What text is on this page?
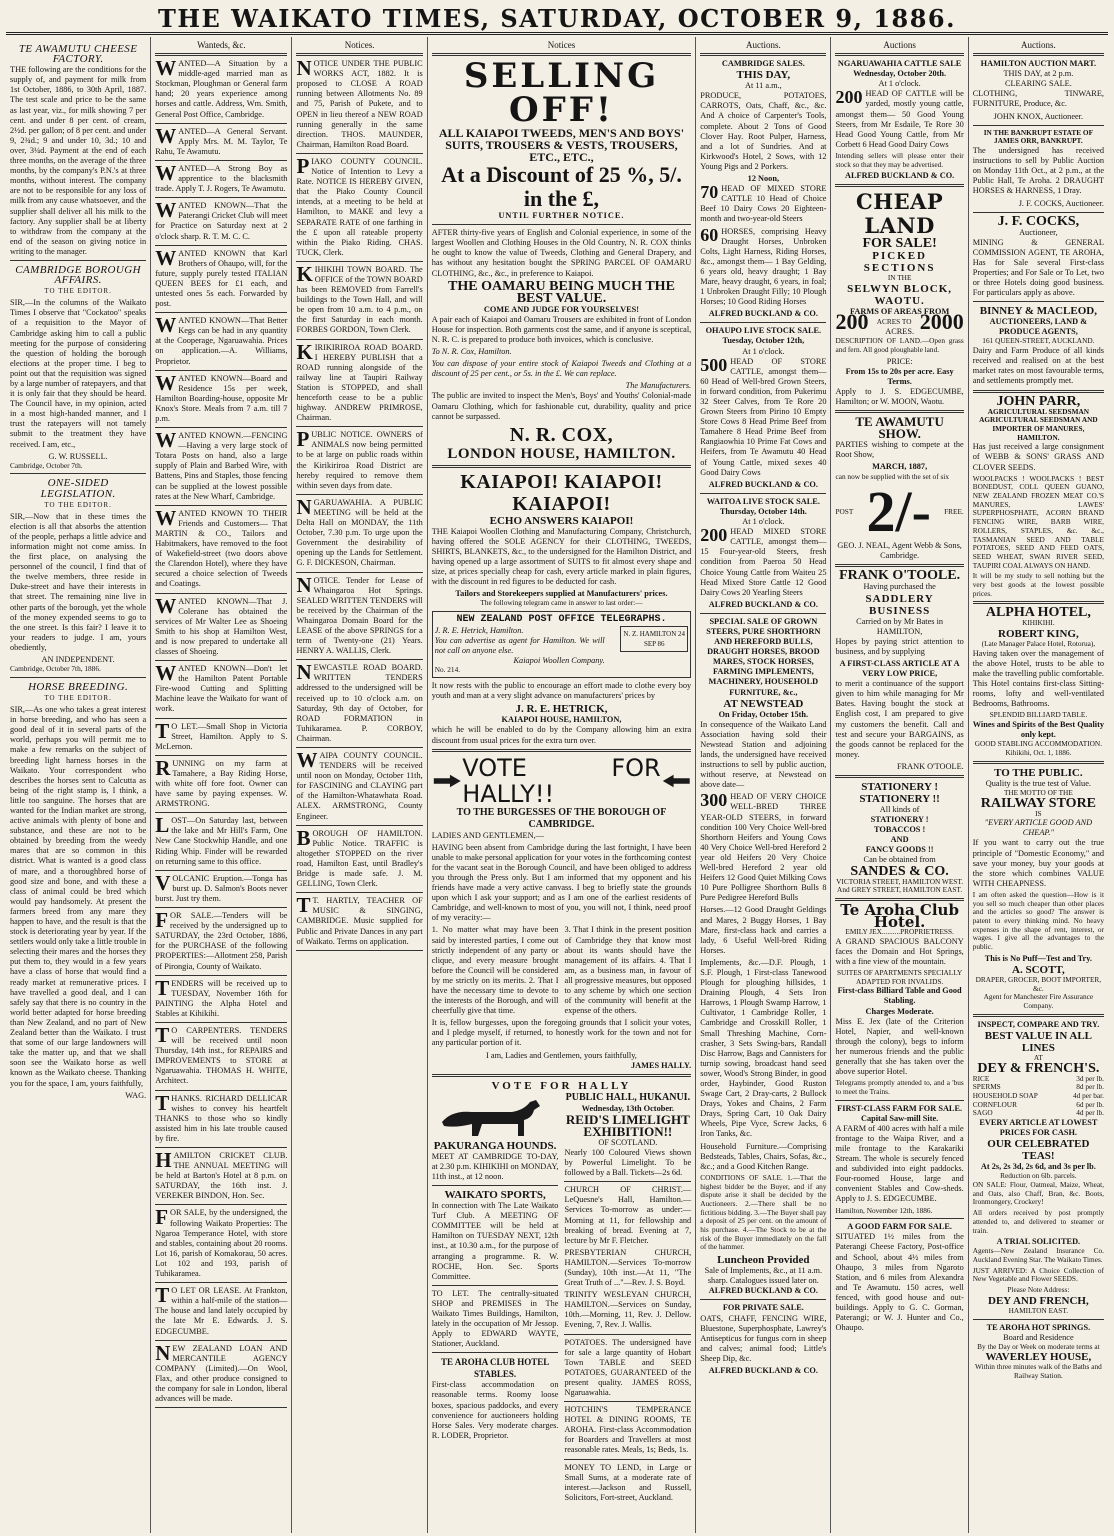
THE WAIKATO TIMES, SATURDAY, OCTOBER 9, 1886.
TE AWAMUTU CHEESE FACTORY.
THE following are the conditions for the supply of, and payment for milk from 1st October, 1886, to 30th April, 1887. The test scale and price to be the same as last year, viz., for milk showing 7 per cent. and under 8 per cent. of cream, 2½d. per gallon; of 8 per cent. and under 9, 2¾d.; 9 and under 10, 3d.; 10 and over, 3¼d. Payment at the end of each three months, on the average of the three months, by the company's P.N.'s at three months, without interest. The company are not to be responsible for any loss of milk from any cause whatsoever, and the supplier shall deliver all his milk to the factory. Any supplier shall be at liberty to withdraw from the company at the end of the season on giving notice in writing to the manager.
CAMBRIDGE BOROUGH AFFAIRS.
TO THE EDITOR.
SIR,—In the columns of the Waikato Times I observe that "Cockatoo" speaks of a requisition to the Mayor of Cambridge asking him to call a public meeting for the purpose of considering the question of holding the borough elections at the proper time. I beg to point out that the requisition was signed by a large number of ratepayers, and that it is only fair that they should be heard. The Council have, in my opinion, acted in a most high-handed manner, and I trust the ratepayers will not tamely submit to the treatment they have received. I am, etc.,
G. W. RUSSELL.
Cambridge, October 7th.
ONE-SIDED LEGISLATION.
TO THE EDITOR.
SIR,—Now that in these times the election is all that absorbs the attention of the people, perhaps a little advice and information might not come amiss. In the first place, on analysing the personnel of the council, I find that of the twelve members, three reside in Duke-street and have their interests in that street. The remaining nine live in other parts of the borough, yet the whole of the money expended seems to go to the one street. Is this fair? I leave it to your readers to judge. I am, yours obediently,
AN INDEPENDENT.
Cambridge, October 7th, 1886.
HORSE BREEDING.
TO THE EDITOR.
SIR,—As one who takes a great interest in horse breeding, and who has seen a good deal of it in several parts of the world, perhaps you will permit me to make a few remarks on the subject of breeding light harness horses in the Waikato. Your correspondent who describes the horses sent to Calcutta as being of the right stamp is, I think, a little too sanguine. The horses that are wanted for the Indian market are strong, active animals with plenty of bone and substance, and these are not to be obtained by breeding from the weedy mares that are so common in this district. What is wanted is a good class of mare, and a thoroughbred horse of good size and bone, and with these a class of animal could be bred which would pay handsomely. At present the farmers breed from any mare they happen to have, and the result is that the stock is deteriorating year by year. If the settlers would only take a little trouble in selecting their mares and the horses they put them to, they would in a few years have a class of horse that would find a ready market at remunerative prices. I have travelled a good deal, and I can safely say that there is no country in the world better adapted for horse breeding than New Zealand, and no part of New Zealand better than the Waikato. I trust that some of our large landowners will take the matter up, and that we shall soon see the Waikato horse as well known as the Waikato cheese. Thanking you for the space, I am, yours faithfully,
WAG.
Wanteds, &c.
WANTED—A Situation by a middle-aged married man as Stockman, Ploughman or General farm hand; 20 years experience among horses and cattle. Address, Wm. Smith, General Post Office, Cambridge.
WANTED—A General Servant. Apply Mrs. M. M. Taylor, Te Rahu, Te Awamutu.
WANTED—A Strong Boy as apprentice to the blacksmith trade. Apply T. J. Rogers, Te Awamutu.
WANTED KNOWN—That the Paterangi Cricket Club will meet for Practice on Saturday next at 2 o'clock sharp. R. T. M. C. C.
WANTED KNOWN that Karl Brothers of Ohaupo, will, for the future, supply purely tested ITALIAN QUEEN BEES for £1 each, and untested ones 5s each. Forwarded by post.
WANTED KNOWN—That Better Kegs can be had in any quantity at the Cooperage, Ngaruawahia. Prices on application.—A. Williams, Proprietor.
WANTED KNOWN—Board and Residence 15s per week, Hamilton Boarding-house, opposite Mr Knox's Store. Meals from 7 a.m. till 7 p.m.
WANTED KNOWN.—FENCING—Having a very large stock of Totara Posts on hand, also a large supply of Plain and Barbed Wire, with Battens, Pins and Staples, those fencing can be supplied at the lowest possible rates at the New Wharf, Cambridge.
WANTED KNOWN TO THEIR Friends and Customers— That MARTIN & CO., Tailors and Habitmakers, have removed to the foot of Wakefield-street (two doors above the Clarendon Hotel), where they have secured a choice selection of Tweeds and Coatings.
WANTED KNOWN—That J. Colerane has obtained the services of Mr Walter Lee as Shoeing Smith to his shop at Hamilton West, and is now prepared to undertake all classes of Shoeing.
WANTED KNOWN—Don't let the Hamilton Patent Portable Fire-wood Cutting and Splitting Machine leave the Waikato for want of work.
T O LET.—Small Shop in Victoria Street, Hamilton. Apply to S. McLernon.
RUNNING on my farm at Tamahere, a Bay Riding Horse, with white off fore foot. Owner can have same by paying expenses. W. ARMSTRONG.
LOST—On Saturday last, between the lake and Mr Hill's Farm, One New Cane Stockwhip Handle, and one Riding Whip. Finder will be rewarded on returning same to this office.
VOLCANIC Eruption.—Tonga has burst up. D. Salmon's Boots never burst. Just try them.
FOR SALE.—Tenders will be received by the undersigned up to SATURDAY, the 23rd October, 1886, for the PURCHASE of the following PROPERTIES:—Allotment 258, Parish of Pirongia, County of Waikato.
TENDERS will be received up to TUESDAY, November 16th for PAINTING the Alpha Hotel and Stables at Kihikihi.
T O CARPENTERS. TENDERS will be received until noon Thursday, 14th inst., for REPAIRS and IMPROVEMENTS to STORE at Ngaruawahia. THOMAS H. WHITE, Architect.
THANKS. RICHARD DELLICAR wishes to convey his heartfelt THANKS to those who so kindly assisted him in his late trouble caused by fire.
HAMILTON CRICKET CLUB. THE ANNUAL MEETING will be held at Barton's Hotel at 8 p.m. on SATURDAY, the 16th inst. J. VEREKER BINDON, Hon. Sec.
FOR SALE, by the undersigned, the following Waikato Properties: The Ngaroa Temperance Hotel, with store and stables, containing about 20 rooms. Lot 16, parish of Komakorau, 50 acres. Lot 102 and 193, parish of Tuhikaramea.
T O LET OR LEASE. At Frankton, within a half-mile of the station—The house and land lately occupied by the late Mr E. Edwards. J. S. EDGECUMBE.
NEW ZEALAND LOAN AND MERCANTILE AGENCY COMPANY (Limited).—On Wool, Flax, and other produce consigned to the company for sale in London, liberal advances will be made.
Notices.
NOTICE UNDER THE PUBLIC WORKS ACT, 1882. It is proposed to CLOSE A ROAD running between Allotments No. 89 and 75, Parish of Pukete, and to OPEN in lieu thereof a NEW ROAD running generally in the same direction. THOS. MAUNDER, Chairman, Hamilton Road Board.
PIAKO COUNTY COUNCIL. Notice of Intention to Levy a Rate. NOTICE IS HEREBY GIVEN, that the Piako County Council intends, at a meeting to be held at Hamilton, to MAKE and levy a SEPARATE RATE of one farthing in the £ upon all rateable property within the Piako Riding. CHAS. TUCK, Clerk.
KIHIKIHI TOWN BOARD. The OFFICE of the TOWN BOARD has been REMOVED from Farrell's buildings to the Town Hall, and will be open from 10 a.m. to 4 p.m., on the first Saturday in each month. FORBES GORDON, Town Clerk.
KIRIKIRIROA ROAD BOARD. I HEREBY PUBLISH that a ROAD running alongside of the railway line at Taupiri Railway Station is STOPPED, and shall henceforth cease to be a public highway. ANDREW PRIMROSE, Chairman.
PUBLIC NOTICE. OWNERS of ANIMALS now being permitted to be at large on public roads within the Kirikiriroa Road District are hereby required to remove them within seven days from date.
NGARUAWAHIA. A PUBLIC MEETING will be held at the Delta Hall on MONDAY, the 11th October, 7.30 p.m. To urge upon the Government the desirability of opening up the Lands for Settlement. G. F. DICKESON, Chairman.
NOTICE. Tender for Lease of Whaingaroa Hot Springs. SEALED WRITTEN TENDERS will be received by the Chairman of the Whaingaroa Domain Board for the LEASE of the above SPRINGS for a term of Twenty-one (21) Years. HENRY A. WALLIS, Clerk.
NEWCASTLE ROAD BOARD. WRITTEN TENDERS addressed to the undersigned will be received up to 10 o'clock a.m. on Saturday, 9th day of October, for ROAD FORMATION in Tuhikaramea. P. CORBOY, Chairman.
WAIPA COUNTY COUNCIL. TENDERS will be received until noon on Monday, October 11th, for FASCINING and CLAYING part of the Hamilton-Whatawhata Road. ALEX. ARMSTRONG, County Engineer.
BOROUGH OF HAMILTON. Public Notice. TRAFFIC is altogether STOPPED on the river road, Hamilton East, until Bradley's Bridge is made safe. J. M. GELLING, Town Clerk.
T T. HARTLY, TEACHER OF MUSIC & SINGING, CAMBRIDGE. Music supplied for Public and Private Dances in any part of Waikato. Terms on application.
Notices
SELLING OFF!
ALL KAIAPOI TWEEDS, MEN'S AND BOYS' SUITS, TROUSERS & VESTS, TROUSERS, ETC., ETC.,
At a Discount of 25 %, 5/. in the £,
UNTIL FURTHER NOTICE.
AFTER thirty-five years of English and Colonial experience, in some of the largest Woollen and Clothing Houses in the Old Country, N. R. COX thinks he ought to know the value of Tweeds, Clothing and General Drapery, and has without any hesitation bought the SPRING PARCEL OF OAMARU CLOTHING, &c., &c., in preference to Kaiapoi.
THE OAMARU BEING MUCH THE BEST VALUE.
COME AND JUDGE FOR YOURSELVES!
A pair each of Kaiapoi and Oamaru Trousers are exhibited in front of London House for inspection. Both garments cost the same, and if anyone is sceptical, N. R. C. is prepared to produce both invoices, which is conclusive.
To N. R. Cox, Hamilton.
You can dispose of your entire stock of Kaiapoi Tweeds and Clothing at a discount of 25 per cent., or 5s. in the £. We can replace.
The Manufacturers.
The public are invited to inspect the Men's, Boys' and Youths' Colonial-made Oamaru Clothing, which for fashionable cut, durability, quality and price cannot be surpassed.
N. R. COX,
LONDON HOUSE, HAMILTON.
KAIAPOI! KAIAPOI! KAIAPOI!
ECHO ANSWERS KAIAPOI!
THE Kaiapoi Woollen Clothing and Manufacturing Company, Christchurch, having offered the SOLE AGENCY for their CLOTHING, TWEEDS, SHIRTS, BLANKETS, &c., to the undersigned for the Hamilton District, and having opened up a large assortment of SUITS to fit almost every shape and size, at prices specially cheap for cash, every article marked in plain figures, with the discount in red figures to be deducted for cash.
Tailors and Storekeepers supplied at Manufacturers' prices.
The following telegram came in answer to last order:—
NEW ZEALAND POST OFFICE TELEGRAPHS.
J. R. E. Hetrick, Hamilton.
You can advertise as agent for Hamilton. We will not call on anyone else.
Kaiapoi Woollen Company.
N. Z. HAMILTON 24 SEP 86
No. 214.
It now rests with the public to encourage an effort made to clothe every boy youth and man at a very slight advance on manufacturers' prices by
J. R. E. HETRICK,
KAIAPOI HOUSE, HAMILTON,
which he will be enabled to do by the Company allowing him an extra discount from usual prices for the extra turn over.
VOTE FOR HALLY!!
TO THE BURGESSES OF THE BOROUGH OF CAMBRIDGE.
LADIES AND GENTLEMEN,—
HAVING been absent from Cambridge during the last fortnight, I have been unable to make personal application for your votes in the forthcoming contest for the vacant seat in the Borough Council, and have been obliged to address you through the Press only. But I am informed that my opponent and his friends have made a very active canvass. I beg to briefly state the grounds upon which I ask your support; and as I am one of the earliest residents of Cambridge, and well-known to most of you, you will not, I think, need proof of my veracity:—
1. No matter what may have been said by interested parties, I come out strictly independent of any party or clique, and every measure brought before the Council will be considered by me strictly on its merits. 2. That I have the necessary time to devote to the interests of the Borough, and will cheerfully give that time.
3. That I think in the present position of Cambridge they that know most about its wants should have the management of its affairs. 4. That I am, as a business man, in favour of all progressive measures, but opposed to any scheme by which one section of the community will benefit at the expense of the others.
It is, fellow burgesses, upon the foregoing grounds that I solicit your votes, and I pledge myself, if returned, to honestly work for the town and not for any particular portion of it.
I am, Ladies and Gentlemen, yours faithfully,
JAMES HALLY.
VOTE FOR HALLY
PAKURANGA HOUNDS.
MEET AT CAMBRIDGE TO-DAY, at 2.30 p.m. KIHIKIHI on MONDAY, 11th inst., at 12 noon.
WAIKATO SPORTS,
In connection with The Late Waikato Turf Club. A MEETING OF COMMITTEE will be held at Hamilton on TUESDAY NEXT, 12th inst., at 10.30 a.m., for the purpose of arranging a programme. R. W. ROCHE, Hon. Sec. Sports Committee.
TO LET. The centrally-situated SHOP and PREMISES in The Waikato Times Buildings, Hamilton, lately in the occupation of Mr Jessop. Apply to EDWARD WAYTE, Stationer, Auckland.
TE AROHA CLUB HOTEL STABLES.
First-class accommodation on reasonable terms. Roomy loose boxes, spacious paddocks, and every convenience for auctioneers holding Horse Sales. Very moderate charges. R. LODER, Proprietor.
PUBLIC HALL, HUKANUI.
Wednesday, 13th October.
REID'S LIMELIGHT EXHIBITION!!
OF SCOTLAND.
Nearly 100 Coloured Views shown by Powerful Limelight. To be followed by a Ball. Tickets—2s 6d.
CHURCH OF CHRIST.—LeQuesne's Hall, Hamilton.—Services To-morrow as under:—Morning at 11, for fellowship and breaking of bread. Evening at 7, lecture by Mr F. Fletcher.
PRESBYTERIAN CHURCH, HAMILTON.—Services To-morrow (Sunday), 10th inst.—At 11, "The Great Truth of ..."—Rev. J. S. Boyd.
TRINITY WESLEYAN CHURCH, HAMILTON.—Services on Sunday, 10th.—Morning, 11, Rev. J. Dellow. Evening, 7, Rev. J. Wallis.
POTATOES. The undersigned have for sale a large quantity of Hobart Town TABLE and SEED POTATOES, GUARANTEED of the present quality. JAMES ROSS, Ngaruawahia.
HOTCHIN'S TEMPERANCE HOTEL & DINING ROOMS, TE AROHA. First-class Accommodation for Boarders and Travellers at most reasonable rates. Meals, 1s; Beds, 1s.
MONEY TO LEND, in Large or Small Sums, at a moderate rate of interest.—Jackson and Russell, Solicitors, Fort-street, Auckland.
Auctions.
CAMBRIDGE SALES.
THIS DAY,
At 11 a.m.,
PRODUCE, POTATOES, CARROTS, Oats, Chaff, &c., &c. And A choice of Carpenter's Tools, complete. About 2 Tons of Good Clover Hay. Root Pulper, Harness, and a lot of Sundries. And at Kirkwood's Hotel, 2 Sows, with 12 Young Pigs and 2 Porkers.
12 Noon,
70 HEAD OF MIXED STORE CATTLE 10 Head of Choice Beef 10 Dairy Cows 20 Eighteen-month and two-year-old Steers
60 HORSES, comprising Heavy Draught Horses, Unbroken Colts, Light Harness, Riding Horses, &c., amongst them— 1 Bay Gelding, 6 years old, heavy draught; 1 Bay Mare, heavy draught, 6 years, in foal; 1 Unbroken Draught Filly; 10 Plough Horses; 10 Good Riding Horses
ALFRED BUCKLAND & CO.
OHAUPO LIVE STOCK SALE.
Tuesday, October 12th,
At 1 o'clock.
500 HEAD OF STORE CATTLE, amongst them— 60 Head of Well-bred Grown Steers, in forward condition, from Pukerimu 32 Steer Calves, from Te Rore 20 Grown Steers from Pirino 10 Empty Store Cows 8 Head Prime Beef from Tamahere 8 Head Prime Beef from Rangiaowhia 10 Prime Fat Cows and Heifers, from Te Awamutu 40 Head of Young Cattle, mixed sexes 40 Good Dairy Cows
ALFRED BUCKLAND & CO.
WAITOA LIVE STOCK SALE.
Thursday, October 14th.
At 1 o'clock.
200 HEAD MIXED STORE CATTLE, amongst them— 15 Four-year-old Steers, fresh condition from Paeroa 50 Head Choice Young Cattle from Waiteu 25 Head Mixed Store Cattle 12 Good Dairy Cows 20 Yearling Steers
ALFRED BUCKLAND & CO.
SPECIAL SALE OF GROWN STEERS, PURE SHORTHORN AND HEREFORD BULLS, DRAUGHT HORSES, BROOD MARES, STOCK HORSES, FARMING IMPLEMENTS, MACHINERY, HOUSEHOLD FURNITURE, &c.,
AT NEWSTEAD
On Friday, October 15th.
In consequence of the Waikato Land Association having sold their Newstead Station and adjoining lands, the undersigned have received instructions to sell by public auction, without reserve, at Newstead on above date—
300 HEAD OF VERY CHOICE WELL-BRED THREE YEAR-OLD STEERS, in forward condition 100 Very Choice Well-bred Shorthorn Heifers and Young Cows 40 Very Choice Well-bred Hereford 2 year old Heifers 20 Very Choice Well-bred Hereford 2 year old Heifers 12 Good Quiet Milking Cows 10 Pure Polligree Shorthorn Bulls 8 Pure Pedigree Hereford Bulls
Horses.—12 Good Draught Geldings and Mares, 2 Buggy Horses, 1 Bay Mare, first-class hack and carries a lady, 6 Useful Well-bred Riding Horses.
Implements, &c.—D.F. Plough, 1 S.F. Plough, 1 First-class Tanewood Plough for ploughing hillsides, 1 Draining Plough, 4 Sets Iron Harrows, 1 Plough Swamp Harrow, 1 Cultivator, 1 Cambridge Roller, 1 Cambridge and Crosskill Roller, 1 Small Threshing Machine, Corn-crasher, 3 Sets Swing-bars, Randall Disc Harrow, Bags and Cannisters for turnip sowing, broadcast hand seed sower, Wood's Strong Binder, in good order, Haybinder, Good Ruston Swage Cart, 2 Dray-carts, 2 Bullock Drays, Yokes and Chains, 2 Farm Drays, Spring Cart, 10 Oak Dairy Wheels, Pipe Vyce, Screw Jacks, 6 Iron Tanks, &c.
Household Furniture.—Comprising Bedsteads, Tables, Chairs, Sofas, &c., &c.; and a Good Kitchen Range.
CONDITIONS OF SALE. 1.—That the highest bidder be the Buyer, and if any dispute arise it shall be decided by the Auctioneers. 2.—There shall be no fictitious bidding. 3.—The Buyer shall pay a deposit of 25 per cent. on the amount of his purchase. 4.—The Stock to be at the risk of the Buyer immediately on the fall of the hammer.
Luncheon Provided
Sale of Implements, &c., at 11 a.m. sharp. Catalogues issued later on.
ALFRED BUCKLAND & CO.
FOR PRIVATE SALE.
OATS, CHAFF, FENCING WIRE, Bluestone, Superphosphate, Lawrey's Antisepticus for fungus corn in sheep and calves; animal food; Little's Sheep Dip, &c.
ALFRED BUCKLAND & CO.
Auctions
NGARUAWAHIA CATTLE SALE
Wednesday, October 20th.
At 1 o'clock.
200 HEAD OF CATTLE will be yarded, mostly young cattle, amongst them— 50 Good Young Steers, from Mr Esdaile, Te Rore 30 Head Good Young Cattle, from Mr Corbett 6 Head Good Dairy Cows
Intending sellers will please enter their stock so that they may be advertised.
ALFRED BUCKLAND & CO.
CHEAP LAND
FOR SALE!
PICKED SECTIONS
IN THE
SELWYN BLOCK, WAOTU.
FARMS OF AREAS FROM
200 ACRES TO 2000
ACRES.
DESCRIPTION OF LAND.—Open grass and fern. All good ploughable land.
PRICE:
From 15s to 20s per acre. Easy Terms.
Apply to J. S. EDGECUMBE, Hamilton; or W. MOON, Waotu.
TE AWAMUTU SHOW.
PARTIES wishing to compete at the Root Show,
MARCH, 1887,
can now be supplied with the set of six
POST 2/- FREE.
GEO. J. NEAL, Agent Webb & Sons, Cambridge.
FRANK O'TOOLE.
Having purchased the
SADDLERY BUSINESS
Carried on by Mr Bates in HAMILTON,
Hopes by paying strict attention to business, and by supplying
A FIRST-CLASS ARTICLE AT A VERY LOW PRICE,
to merit a continuance of the support given to him while managing for Mr Bates. Having bought the stock at English cost, I am prepared to give my customers the benefit. Call and test and secure your BARGAINS, as the goods cannot be replaced for the money.
FRANK O'TOOLE.
STATIONERY ! STATIONERY !!
All kinds of
STATIONERY !
TOBACCOS !
AND
FANCY GOODS !!
Can be obtained from
SANDES & CO.
VICTORIA STREET, HAMILTON WEST. And GREY STREET, HAMILTON EAST.
Te Aroha Club Hotel.
EMILY JEX..........PROPRIETRESS.
A GRAND SPACIOUS BALCONY faces the Domain and Hot Springs, with a fine view of the mountain.
SUITES OF APARTMENTS SPECIALLY ADAPTED FOR INVALIDS.
First-class Billiard Table and Good Stabling.
Charges Moderate.
Miss E. Jex (late of the Criterion Hotel, Napier, and well-known through the colony), begs to inform her numerous friends and the public generally that she has taken over the above superior Hotel.
Telegrams promptly attended to, and a 'bus to meet the Trains.
FIRST-CLASS FARM FOR SALE.
Capital Saw-mill Site.
A FARM of 400 acres with half a mile frontage to the Waipa River, and a mile frontage to the Karakariki Stream. The whole is securely fenced and subdivided into eight paddocks. Four-roomed House, large and convenient Stables and Cow-sheds. Apply to J. S. EDGECUMBE.
Hamilton, November 12th, 1886.
A GOOD FARM FOR SALE.
SITUATED 1½ miles from the Paterangi Cheese Factory, Post-office and School, about 4½ miles from Ohaupo, 3 miles from Ngaroto Station, and 6 miles from Alexandra and Te Awamutu. 150 acres, well fenced, with good house and out-buildings. Apply to G. C. Gorman, Paterangi; or W. J. Hunter and Co., Ohaupo.
Auctions.
HAMILTON AUCTION MART.
THIS DAY, at 2 p.m.
CLEARING SALE.
CLOTHING, TINWARE, FURNITURE, Produce, &c.
JOHN KNOX, Auctioneer.
IN THE BANKRUPT ESTATE OF JAMES ORR, BANKRUPT.
The undersigned has received instructions to sell by Public Auction on Monday 11th Oct., at 2 p.m., at the Public Hall, Te Aroha. 2 DRAUGHT HORSES & HARNESS, 1 Dray.
J. F. COCKS, Auctioneer.
J. F. COCKS,
Auctioneer,
MINING & GENERAL COMMISSION AGENT, TE AROHA, Has for Sale several First-class Properties; and For Sale or To Let, two or three Hotels doing good business. For particulars apply as above.
BINNEY & MACLEOD,
AUCTIONEERS, LAND & PRODUCE AGENTS,
161 QUEEN-STREET, AUCKLAND.
Dairy and Farm Produce of all kinds received and realised on at the best market rates on most favourable terms, and settlements promptly met.
JOHN PARR,
AGRICULTURAL SEEDSMAN AGRICULTURAL SEEDSMAN AND IMPORTER OF MANURES, HAMILTON.
Has just received a large consignment of WEBB & SONS' GRASS AND CLOVER SEEDS.
WOOLPACKS ! WOOLPACKS ! BEST BONEDUST, COLL QUEEN GUANO, NEW ZEALAND FROZEN MEAT CO.'S MANURES, LAWES' SUPERPHOSPHATE, ACORN BRAND FENCING WIRE, BARB WIRE, ROLLERS, STAPLES, &c. &c., TASMANIAN SEED AND TABLE POTATOES, SEED AND FEED OATS, SEED WHEAT, SWAN RIVER SEED, TAUPIRI COAL ALWAYS ON HAND.
It will be my study to sell nothing but the very best goods at the lowest possible prices.
ALPHA HOTEL,
KIHIKIHI.
ROBERT KING,
(Late Manager Palace Hotel, Rotorua),
Having taken over the management of the above Hotel, trusts to be able to make the travelling public comfortable. This Hotel contains first-class Sitting-rooms, lofty and well-ventilated Bedrooms, Bathrooms.
SPLENDID BILLIARD TABLE.
Wines and Spirits of the Best Quality only kept.
GOOD STABLING ACCOMMODATION. Kihikihi, Oct. 1, 1886.
TO THE PUBLIC.
Quality is the true test of Value.
THE MOTTO OF THE
RAILWAY STORE
IS
"EVERY ARTICLE GOOD AND CHEAP."
If you want to carry out the true principle of "Domestic Economy," and save your money, buy your goods at the store which combines VALUE WITH CHEAPNESS.
I am often asked the question—How is it you sell so much cheaper than other places and the articles so good? The answer is patent to every thinking mind. No heavy expenses in the shape of rent, interest, or wages. I give all the advantages to the public.
This is No Puff—Test and Try.
A. SCOTT,
DRAPER, GROCER, BOOT IMPORTER, &c.
Agent for Manchester Fire Assurance Company.
INSPECT, COMPARE AND TRY.
BEST VALUE IN ALL LINES
AT
DEY & FRENCH'S.
RICE	3d per lb.
SPERMS	8d per lb.
HOUSEHOLD SOAP	4d per bar.
CORNFLOUR	6d per lb.
SAGO	4d per lb.
EVERY ARTICLE AT LOWEST PRICES FOR CASH.
OUR CELEBRATED TEAS!
At 2s, 2s 3d, 2s 6d, and 3s per lb.
Reduction on 6lb. parcels.
ON SALE: Flour, Oatmeal, Maize, Wheat, and Oats, also Chaff, Bran, &c. Boots, Ironmongery, Crockery!
All orders received by post promptly attended to, and delivered to steamer or train.
A TRIAL SOLICITED.
Agents—New Zealand Insurance Co. Auckland Evening Star. The Waikato Times.
JUST ARRIVED: A Choice Collection of New Vegetable and Flower SEEDS.
Please Note Address:
DEY AND FRENCH,
HAMILTON EAST.
TE AROHA HOT SPRINGS.
Board and Residence
By the Day or Week on moderate terms at
WAVERLEY HOUSE,
Within three minutes walk of the Baths and Railway Station.
